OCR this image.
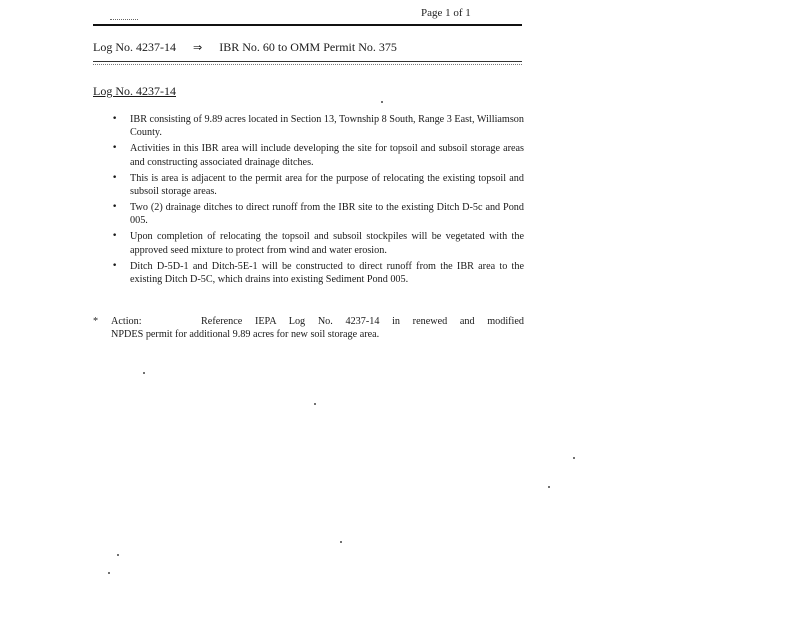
Page 1 of 1
Log No. 4237-14 ⇒ IBR No. 60 to OMM Permit No. 375
Log No. 4237-14
• IBR consisting of 9.89 acres located in Section 13, Township 8 South, Range 3 East, Williamson County.
• Activities in this IBR area will include developing the site for topsoil and subsoil storage areas and constructing associated drainage ditches.
• This is area is adjacent to the permit area for the purpose of relocating the existing topsoil and subsoil storage areas.
• Two (2) drainage ditches to direct runoff from the IBR site to the existing Ditch D-5c and Pond 005.
• Upon completion of relocating the topsoil and subsoil stockpiles will be vegetated with the approved seed mixture to protect from wind and water erosion.
• Ditch D-5D-1 and Ditch-5E-1 will be constructed to direct runoff from the IBR area to the existing Ditch D-5C, which drains into existing Sediment Pond 005.
* Action:	Reference IEPA Log No. 4237-14 in renewed and modified
NPDES permit for additional 9.89 acres for new soil storage area.
